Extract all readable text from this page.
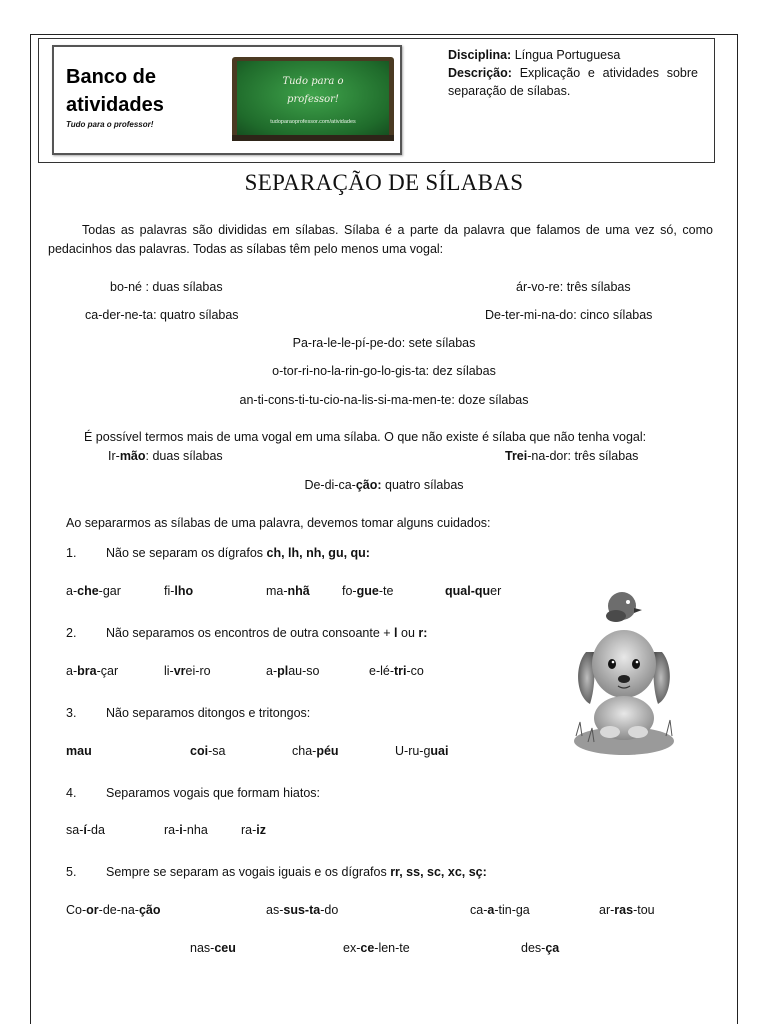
Banco de
atividades
Tudo para o professor!
Tudo para o
professor!
tudoparaoprofessor.com/atividades
Disciplina: Língua Portuguesa
Descrição: Explicação e atividades sobre separação de sílabas.
SEPARAÇÃO DE SÍLABAS
Todas as palavras são divididas em sílabas. Sílaba é a parte da palavra que falamos de uma vez só, como pedacinhos das palavras. Todas as sílabas têm pelo menos uma vogal:
bo-né : duas sílabas	ár-vo-re: três sílabas
ca-der-ne-ta: quatro sílabas	De-ter-mi-na-do: cinco sílabas
Pa-ra-le-le-pí-pe-do: sete sílabas
o-tor-ri-no-la-rin-go-lo-gis-ta: dez sílabas
an-ti-cons-ti-tu-cio-na-lis-si-ma-men-te: doze sílabas
É possível termos mais de uma vogal em uma sílaba. O que não existe é sílaba que não tenha vogal:
Ir-mão: duas sílabas	Trei-na-dor: três sílabas
De-di-ca-ção: quatro sílabas
Ao separarmos as sílabas de uma palavra, devemos tomar alguns cuidados:
1. Não se separam os dígrafos ch, lh, nh, gu, qu:
a-che-gar	fi-lho	ma-nhã	fo-gue-te	qual-quer
2. Não separamos os encontros de outra consoante + l ou r:
a-bra-çar	li-vrei-ro	a-plau-so	e-lé-tri-co
3. Não separamos ditongos e tritongos:
mau	coi-sa	cha-péu	U-ru-guai
4. Separamos vogais que formam hiatos:
sa-í-da	ra-i-nha	ra-iz
5. Sempre se separam as vogais iguais e os dígrafos rr, ss, sc, xc, sç:
Co-or-de-na-ção	as-sus-ta-do	ca-a-tin-ga	ar-ras-tou
nas-ceu	ex-ce-len-te	des-ça
